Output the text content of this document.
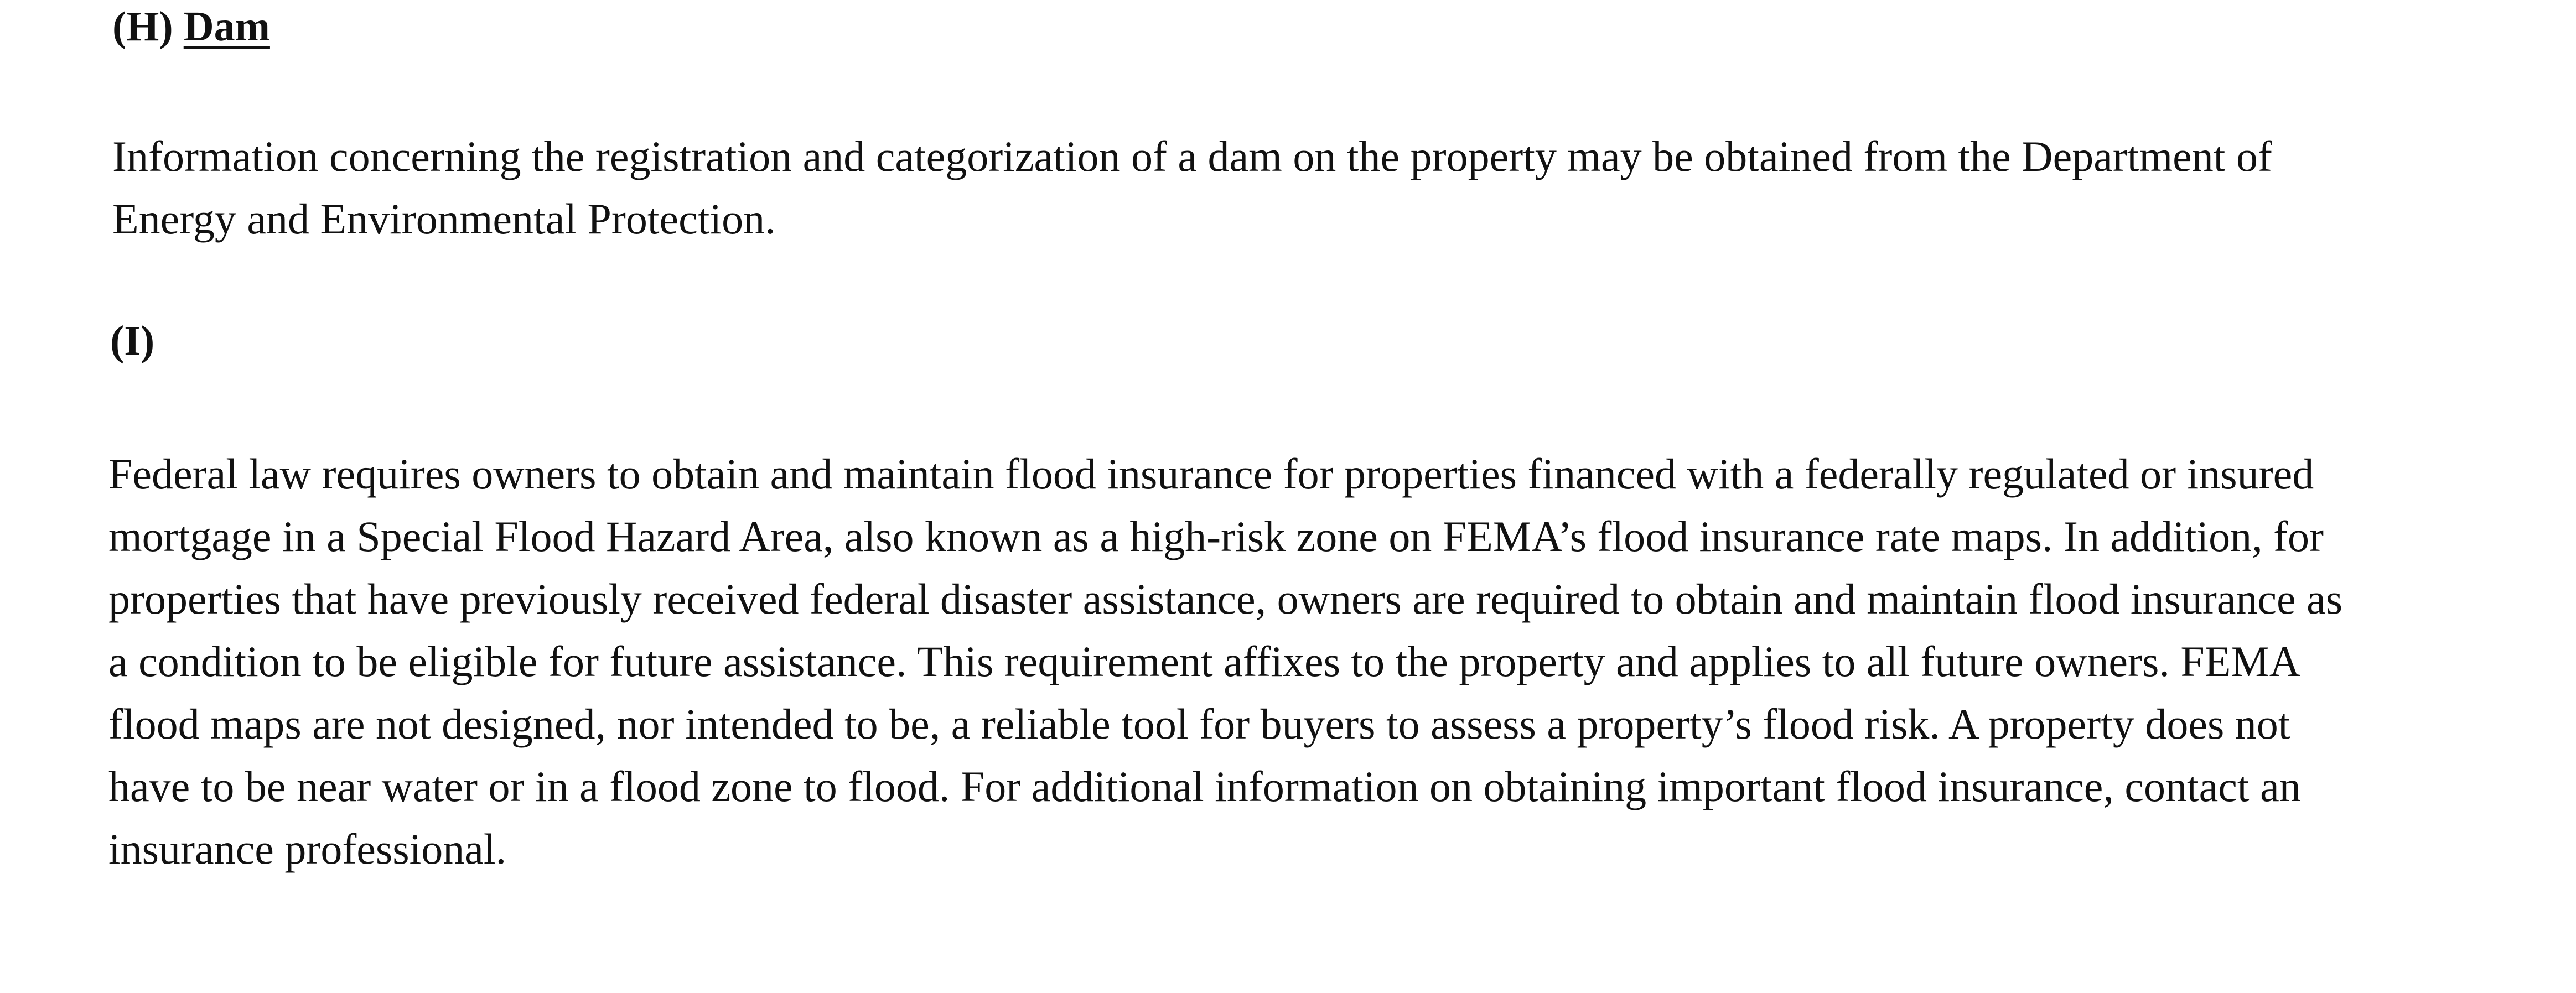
(H) Dam

Information concerning the registration and categorization of a dam on the property may be obtained from the Department of
Energy and Environmental Protection.

(I)

Federal law requires owners to obtain and maintain flood insurance for properties financed with a federally regulated or insured
mortgage in a Special Flood Hazard Area, also known as a high-risk zone on FEMA’s flood insurance rate maps. In addition, for
properties that have previously received federal disaster assistance, owners are required to obtain and maintain flood insurance as
a condition to be eligible for future assistance. This requirement affixes to the property and applies to all future owners. FEMA
flood maps are not designed, nor intended to be, a reliable tool for buyers to assess a property’s flood risk. A property does not
have to be near water or in a flood zone to flood. For additional information on obtaining important flood insurance, contact an
insurance professional.
